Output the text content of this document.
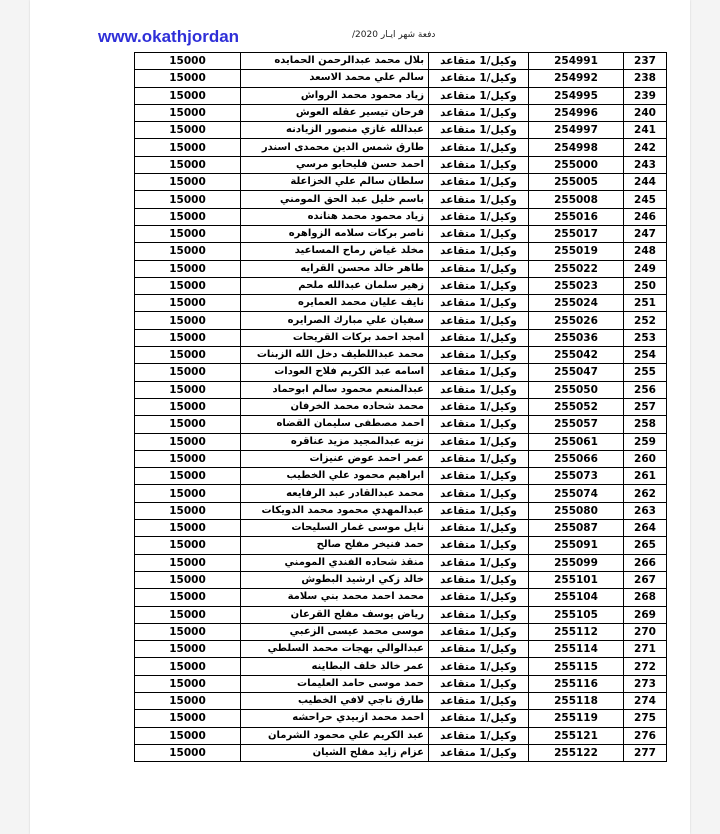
www.okathjordan	دفعة شهر ايـار 2020/
15000	بلال محمد عبدالرحمن الحمايده	وكيل/1 متقاعد	254991	237
15000	سالم علي محمد الاسعد	وكيل/1 متقاعد	254992	238
15000	زياد محمود محمد الرواش	وكيل/1 متقاعد	254995	239
15000	فرحان تيسير عقله العوش	وكيل/1 متقاعد	254996	240
15000	عبدالله غازي منصور الزيادنه	وكيل/1 متقاعد	254997	241
15000	طارق شمس الدين محمدى اسندر	وكيل/1 متقاعد	254998	242
15000	احمد حسن فليحابو مرسي	وكيل/1 متقاعد	255000	243
15000	سلطان سالم علي الخزاعلة	وكيل/1 متقاعد	255005	244
15000	باسم خليل عبد الحق المومني	وكيل/1 متقاعد	255008	245
15000	زياد محمود محمد هنانده	وكيل/1 متقاعد	255016	246
15000	ناصر بركات سلامه الزواهره	وكيل/1 متقاعد	255017	247
15000	مخلد غياض رماح المساعيد	وكيل/1 متقاعد	255019	248
15000	طاهر خالد محسن القرايه	وكيل/1 متقاعد	255022	249
15000	زهير سلمان عبدالله ملحم	وكيل/1 متقاعد	255023	250
15000	نايف عليان محمد العمايره	وكيل/1 متقاعد	255024	251
15000	سفيان علي مبارك الصرايره	وكيل/1 متقاعد	255026	252
15000	امجد احمد بركات القريحات	وكيل/1 متقاعد	255036	253
15000	محمد عبداللطيف دخل الله الزبنات	وكيل/1 متقاعد	255042	254
15000	اسامه عبد الكريم فلاح العودات	وكيل/1 متقاعد	255047	255
15000	عبدالمنعم محمود سالم ابوحماد	وكيل/1 متقاعد	255050	256
15000	محمد شحاده محمد الخرفان	وكيل/1 متقاعد	255052	257
15000	احمد مصطفى سليمان القضاه	وكيل/1 متقاعد	255057	258
15000	نزيه عبدالمجيد مزيد عناقره	وكيل/1 متقاعد	255061	259
15000	عمر احمد عوض عنيزات	وكيل/1 متقاعد	255066	260
15000	ابراهيم محمود علي الخطيب	وكيل/1 متقاعد	255073	261
15000	محمد عبدالقادر عبد الرفايعه	وكيل/1 متقاعد	255074	262
15000	عبدالمهدي محمود محمد الدويكات	وكيل/1 متقاعد	255080	263
15000	نايل موسى غمار السليحات	وكيل/1 متقاعد	255087	264
15000	حمد فنيخر مفلح صالح	وكيل/1 متقاعد	255091	265
15000	منقذ شحاده الفندي المومني	وكيل/1 متقاعد	255099	266
15000	خالد زكي ارشيد البطوش	وكيل/1 متقاعد	255101	267
15000	محمد احمد محمد بني سلامة	وكيل/1 متقاعد	255104	268
15000	رياض يوسف مفلح القرعان	وكيل/1 متقاعد	255105	269
15000	موسى محمد عيسى الزعبي	وكيل/1 متقاعد	255112	270
15000	عبدالوالي بهجات محمد السلطي	وكيل/1 متقاعد	255114	271
15000	عمر خالد خلف البطاينه	وكيل/1 متقاعد	255115	272
15000	حمد موسى حامد العليمات	وكيل/1 متقاعد	255116	273
15000	طارق ناجي لافي الخطيب	وكيل/1 متقاعد	255118	274
15000	احمد محمد ازبيدي حراحشه	وكيل/1 متقاعد	255119	275
15000	عبد الكريم علي محمود الشرمان	وكيل/1 متقاعد	255121	276
15000	عزام زايد مفلح الشيان	وكيل/1 متقاعد	255122	277
